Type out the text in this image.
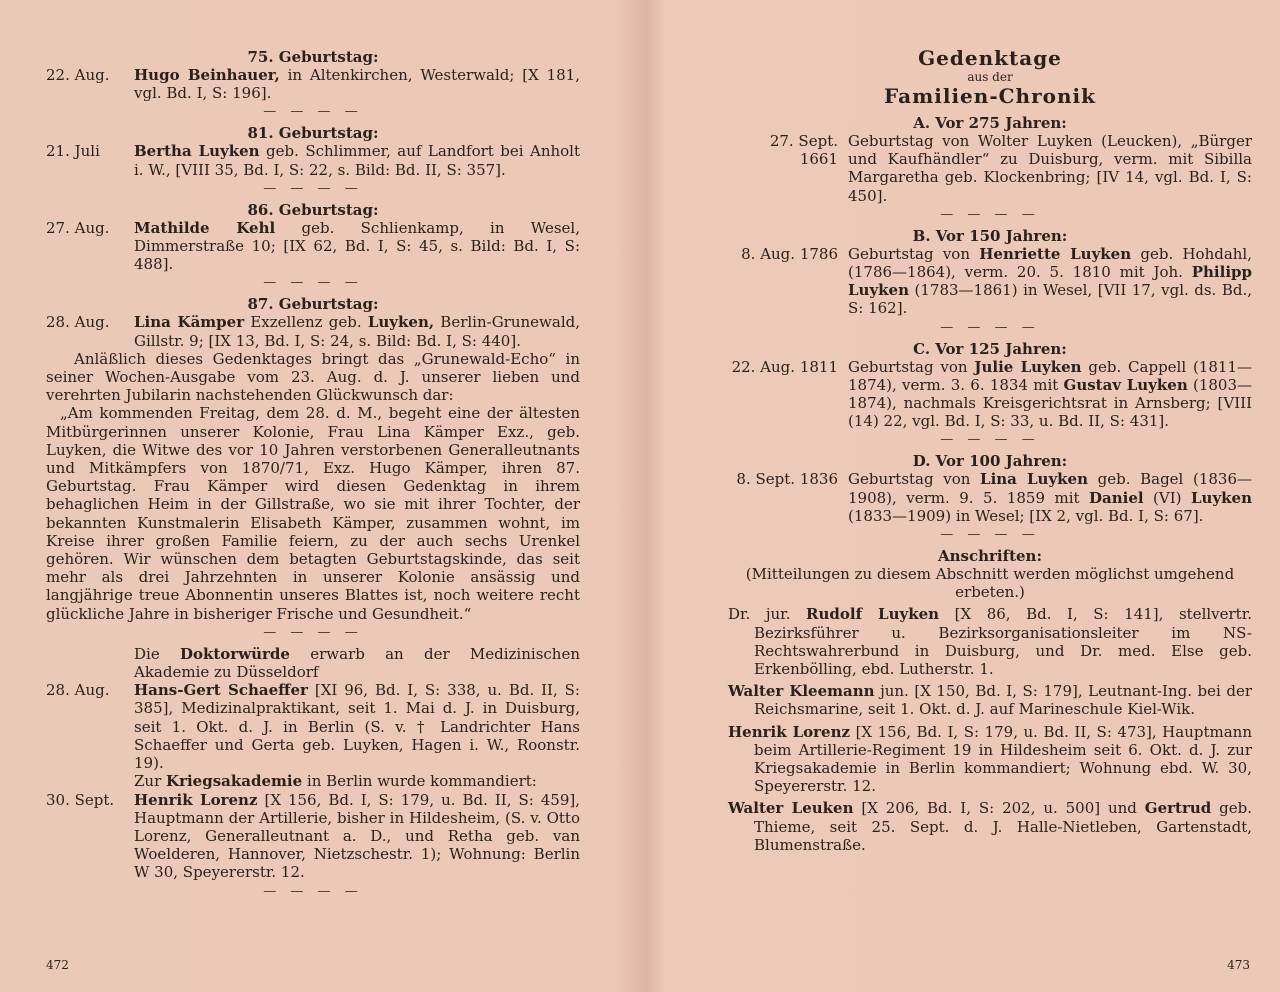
75. Geburtstag:
22. Aug.	Hugo Beinhauer, in Altenkirchen, Westerwald; [X 181, vgl. Bd. I, S: 196].
— — — —
81. Geburtstag:
21. Juli	Bertha Luyken geb. Schlimmer, auf Landfort bei Anholt i. W., [VIII 35, Bd. I, S: 22, s. Bild: Bd. II, S: 357].
— — — —
86. Geburtstag:
27. Aug.	Mathilde Kehl geb. Schlienkamp, in Wesel, Dimmerstraße 10; [IX 62, Bd. I, S: 45, s. Bild: Bd. I, S: 488].
— — — —
87. Geburtstag:
28. Aug.	Lina Kämper Exzellenz geb. Luyken, Berlin-Grunewald, Gillstr. 9; [IX 13, Bd. I, S: 24, s. Bild: Bd. I, S: 440].
Anläßlich dieses Gedenktages bringt das „Grunewald-Echo“ in seiner Wochen-Ausgabe vom 23. Aug. d. J. unserer lieben und verehrten Jubilarin nachstehenden Glückwunsch dar:
„Am kommenden Freitag, dem 28. d. M., begeht eine der ältesten Mitbürgerinnen unserer Kolonie, Frau Lina Kämper Exz., geb. Luyken, die Witwe des vor 10 Jahren verstorbenen Generalleutnants und Mitkämpfers von 1870/71, Exz. Hugo Kämper, ihren 87. Geburtstag. Frau Kämper wird diesen Gedenktag in ihrem behaglichen Heim in der Gillstraße, wo sie mit ihrer Tochter, der bekannten Kunstmalerin Elisabeth Kämper, zusammen wohnt, im Kreise ihrer großen Familie feiern, zu der auch sechs Urenkel gehören. Wir wünschen dem betagten Geburtstagskinde, das seit mehr als drei Jahrzehnten in unserer Kolonie ansässig und langjährige treue Abonnentin unseres Blattes ist, noch weitere recht glückliche Jahre in bisheriger Frische und Gesundheit.“
— — — —
Die Doktorwürde erwarb an der Medizinischen Akademie zu Düsseldorf
28. Aug.	Hans-Gert Schaeffer [XI 96, Bd. I, S: 338, u. Bd. II, S: 385], Medizinalpraktikant, seit 1. Mai d. J. in Duisburg, seit 1. Okt. d. J. in Berlin (S. v. † Landrichter Hans Schaeffer und Gerta geb. Luyken, Hagen i. W., Roonstr. 19).
Zur Kriegsakademie in Berlin wurde kommandiert:
30. Sept.	Henrik Lorenz [X 156, Bd. I, S: 179, u. Bd. II, S: 459], Hauptmann der Artillerie, bisher in Hildesheim, (S. v. Otto Lorenz, Generalleutnant a. D., und Retha geb. van Woelderen, Hannover, Nietzschestr. 1); Wohnung: Berlin W 30, Speyererstr. 12.
— — — —
472
Gedenktage
aus der
Familien-Chronik
A. Vor 275 Jahren:
27. Sept. 1661
Geburtstag von Wolter Luyken (Leucken), „Bürger und Kaufhändler“ zu Duisburg, verm. mit Sibilla Margaretha geb. Klockenbring; [IV 14, vgl. Bd. I, S: 450].
— — — —
B. Vor 150 Jahren:
8. Aug. 1786 Geburtstag von Henriette Luyken geb. Hohdahl, (1786—1864), verm. 20. 5. 1810 mit Joh. Philipp Luyken (1783—1861) in Wesel, [VII 17, vgl. ds. Bd., S: 162].
— — — —
C. Vor 125 Jahren:
22. Aug. 1811 Geburtstag von Julie Luyken geb. Cappell (1811—1874), verm. 3. 6. 1834 mit Gustav Luyken (1803—1874), nachmals Kreisgerichtsrat in Arnsberg; [VIII (14) 22, vgl. Bd. I, S: 33, u. Bd. II, S: 431].
— — — —
D. Vor 100 Jahren:
8. Sept. 1836 Geburtstag von Lina Luyken geb. Bagel (1836—1908), verm. 9. 5. 1859 mit Daniel (VI) Luyken (1833—1909) in Wesel; [IX 2, vgl. Bd. I, S: 67].
— — — —
Anschriften:
(Mitteilungen zu diesem Abschnitt werden möglichst umgehend erbeten.)
Dr. jur. Rudolf Luyken [X 86, Bd. I, S: 141], stellvertr. Bezirksführer u. Bezirksorganisationsleiter im NS-Rechtswahrerbund in Duisburg, und Dr. med. Else geb. Erkenbölling, ebd. Lutherstr. 1.
Walter Kleemann jun. [X 150, Bd. I, S: 179], Leutnant-Ing. bei der Reichsmarine, seit 1. Okt. d. J. auf Marineschule Kiel-Wik.
Henrik Lorenz [X 156, Bd. I, S: 179, u. Bd. II, S: 473], Hauptmann beim Artillerie-Regiment 19 in Hildesheim seit 6. Okt. d. J. zur Kriegsakademie in Berlin kommandiert; Wohnung ebd. W. 30, Speyererstr. 12.
Walter Leuken [X 206, Bd. I, S: 202, u. 500] und Gertrud geb. Thieme, seit 25. Sept. d. J. Halle-Nietleben, Gartenstadt, Blumenstraße.
473
